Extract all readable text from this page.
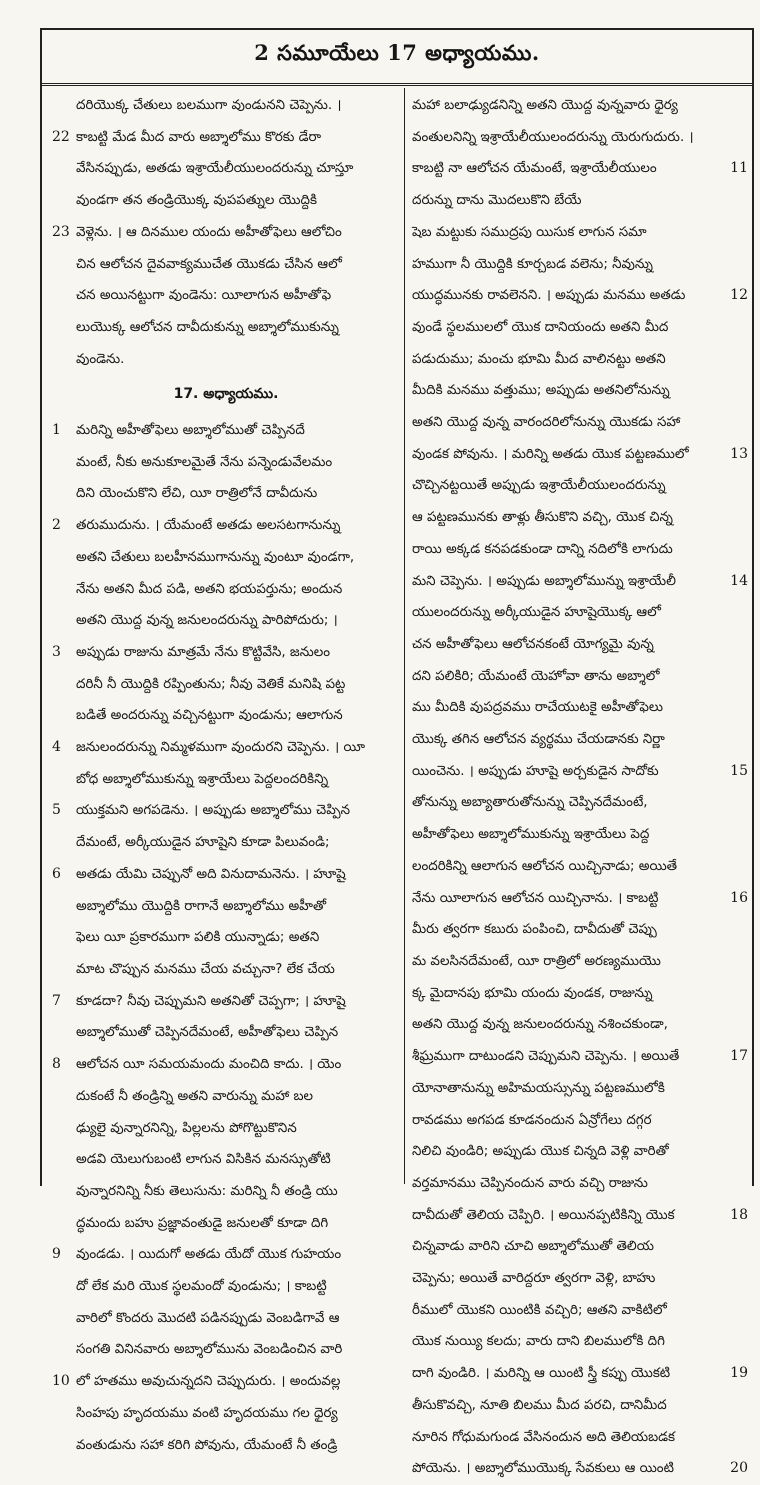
2 సమూయేలు 17 అధ్యాయము.
దరియొక్క చేతులు బలముగా వుండునని చెప్పెను. ।
22 కాబట్టి మేడ మీద వారు అబ్శాలోము కొరకు డేరా
వేసినప్పుడు, అతడు ఇశ్రాయేలీయులందరున్ను చూస్తూ
వుండగా తన తండ్రియొక్క వుపపత్నుల యొద్దికి
23 వెళ్లెను. । ఆ దినముల యందు అహీతోఫెలు ఆలోచిం
చిన ఆలోచన దైవవాక్యముచేత యొకడు చేసిన ఆలో
చన అయినట్టుగా వుండెను: యీలాగున అహీతోఫె
లుయొక్క ఆలోచన దావీదుకున్ను అబ్శాలోముకున్ను
వుండెను.
17. అధ్యాయము.
1	మరిన్ని అహీతోఫెలు అబ్శాలోముతో చెప్పినదే
మంటే, నీకు అనుకూలమైతే నేను పన్నెండువేలమం
దిని యెంచుకొని లేచి, యీ రాత్రిలోనే దావీదును
2	తరుముదును. । యేమంటే అతడు అలసటగానున్ను
అతని చేతులు బలహీనముగానున్ను వుంటూ వుండగా,
నేను అతని మీద పడి, అతని భయపర్తును; అందున
అతని యొద్ద వున్న జనులందరున్ను పారిపోదురు; ।
3	అప్పుడు రాజును మాత్రమే నేను కొట్టివేసి, జనులం
దరినీ నీ యొద్దికి రప్పింతును; నీవు వెతికే మనిషి పట్ట
బడితే అందరున్ను వచ్చినట్టుగా వుండును; ఆలాగున
4	జనులందరున్ను నిమ్మళముగా వుందురని చెప్పెను. । యీ
బోధ అబ్శాలోముకున్ను ఇశ్రాయేలు పెద్దలందరికిన్ని
5	యుక్తమని అగపడెను. । అప్పుడు అబ్శాలోము చెప్పిన
దేమంటే, అర్కీయుడైన హూషైని కూడా పిలువండి;
6	అతడు యేమి చెప్పునో అది వినుదామనెను. । హూషై
అబ్శాలోము యొద్దికి రాగానే అబ్శాలోము అహీతో
ఫెలు యీ ప్రకారముగా పలికి యున్నాడు; అతని
మాట చొప్పున మనము చేయ వచ్చునా? లేక చేయ
7	కూడదా? నీవు చెప్పుమని అతనితో చెప్పగా; । హూషై
అబ్శాలోముతో చెప్పినదేమంటే, అహీతోఫెలు చెప్పిన
8	ఆలోచన యీ సమయమందు మంచిది కాదు. । యెం
దుకంటే నీ తండ్రిన్ని అతని వారున్ను మహా బల
ఢ్యులై వున్నారనిన్ని, పిల్లలను పోగొట్టుకొనిన
అడవి యెలుగుబంటి లాగున విసికిన మనస్సుతోటి
వున్నారనిన్ని నీకు తెలుసును: మరిన్ని నీ తండ్రి యు
ద్ధమందు బహు ప్రజ్ఞావంతుడై జనులతో కూడా దిగి
9	వుండడు. । యిదుగో అతడు యేదో యొక గుహయం
దో లేక మరి యొక స్థలమందో వుండును; । కాబట్టి
వారిలో కొందరు మొదటి పడినప్పుడు వెంబడిగావే ఆ
సంగతి వినినవారు అబ్శాలోమును వెంబడించిన వారి
10 లో హతము అవుచున్నదని చెప్పుదురు. । అందువల్ల
సింహపు హృదయము వంటి హృదయము గల ధైర్య
వంతుడును సహా కరిగి పోవును, యేమంటే నీ తండ్రి
మహా బలాఢ్యుడనిన్ని అతని యొద్ద వున్నవారు ధైర్య
వంతులనిన్ని ఇశ్రాయేలీయులందరున్ను యెరుగుదురు. ।
కాబట్టి నా ఆలోచన యేమంటే, ఇశ్రాయేలీయులం	11
దరున్ను దాను మొదలుకొని బేయే
షెబ మట్టుకు సముద్రపు యిసుక లాగున సమా
హముగా నీ యొద్దికి కూర్చబడ వలెను; నీవున్ను
యుద్ధమునకు రావలెనని. । అప్పుడు మనము అతడు	12
వుండే స్థలములలో యొక దానియందు అతని మీద
పడుదుము; మంచు భూమి మీద వాలినట్టు అతని
మీదికి మనము వత్తుము; అప్పుడు అతనిలోనున్ను
అతని యొద్ద వున్న వారందరిలోనున్ను యొకడు సహా
వుండక పోవును. । మరిన్ని అతడు యొక పట్టణములో	13
చొచ్చినట్టయితే అప్పుడు ఇశ్రాయేలీయులందరున్ను
ఆ పట్టణమునకు తాళ్లు తీసుకొని వచ్చి, యొక చిన్న
రాయి అక్కడ కనపడకుండా దాన్ని నదిలోకి లాగుదు
మని చెప్పెను. । అప్పుడు అబ్శాలోమున్ను ఇశ్రాయేలీ	14
యులందరున్ను అర్కీయుడైన హూషైయొక్క ఆలో
చన అహీతోఫెలు ఆలోచనకంటే యోగ్యమై వున్న
దని పలికిరి; యేమంటే యెహోవా తాను అబ్శాలో
ము మీదికి వుపద్రవము రాచేయుటకై అహీతోఫెలు
యొక్క తగిన ఆలోచన వ్యర్థము చేయడానకు నిర్ణా
యించెను. । అప్పుడు హూషై అర్చకుడైన సాదోకు	15
తోనున్ను అబ్యాతారుతోనున్ను చెప్పినదేమంటే,
అహీతోఫెలు అబ్శాలోముకున్ను ఇశ్రాయేలు పెద్ద
లందరికిన్ని ఆలాగున ఆలోచన యిచ్చినాడు; అయితే
నేను యీలాగున ఆలోచన యిచ్చినాను. । కాబట్టి	16
మీరు త్వరగా కబురు పంపించి, దావీదుతో చెప్పు
మ వలసినదేమంటే, యీ రాత్రిలో అరణ్యముయొ
క్క మైదానపు భూమి యందు వుండక, రాజున్ను
అతని యొద్ద వున్న జనులందరున్ను నశించకుండా,
శీఘ్రముగా దాటుండని చెప్పుమని చెప్పెను. । అయితే	17
యోనాతానున్ను అహిమయస్సున్ను పట్టణములోకి
రావడము అగపడ కూడనందున ఏన్రోగేలు దగ్గర
నిలిచి వుండిరి; అప్పుడు యొక చిన్నది వెళ్లి వారితో
వర్తమానము చెప్పినందున వారు వచ్చి రాజును
దావీదుతో తెలియ చెప్పిరి. । అయినప్పటికిన్ని యొక	18
చిన్నవాడు వారిని చూచి అబ్శాలోముతో తెలియ
చెప్పెను; అయితే వారిద్దరూ త్వరగా వెళ్లి, బాహు
రీములో యొకని యింటికి వచ్చిరి; ఆతని వాకిటిలో
యొక నుయ్యి కలదు; వారు దాని బిలములోకి దిగి
దాగి వుండిరి. । మరిన్ని ఆ యింటి స్త్రీ కప్పు యొకటి	19
తీసుకొవచ్చి, నూతి బిలము మీద పరచి, దానిమీద
నూరిన గోధుమగుండ వేసినందున అది తెలియబడక
పోయెను. । అబ్శాలోముయొక్క సేవకులు ఆ యింటి	20
